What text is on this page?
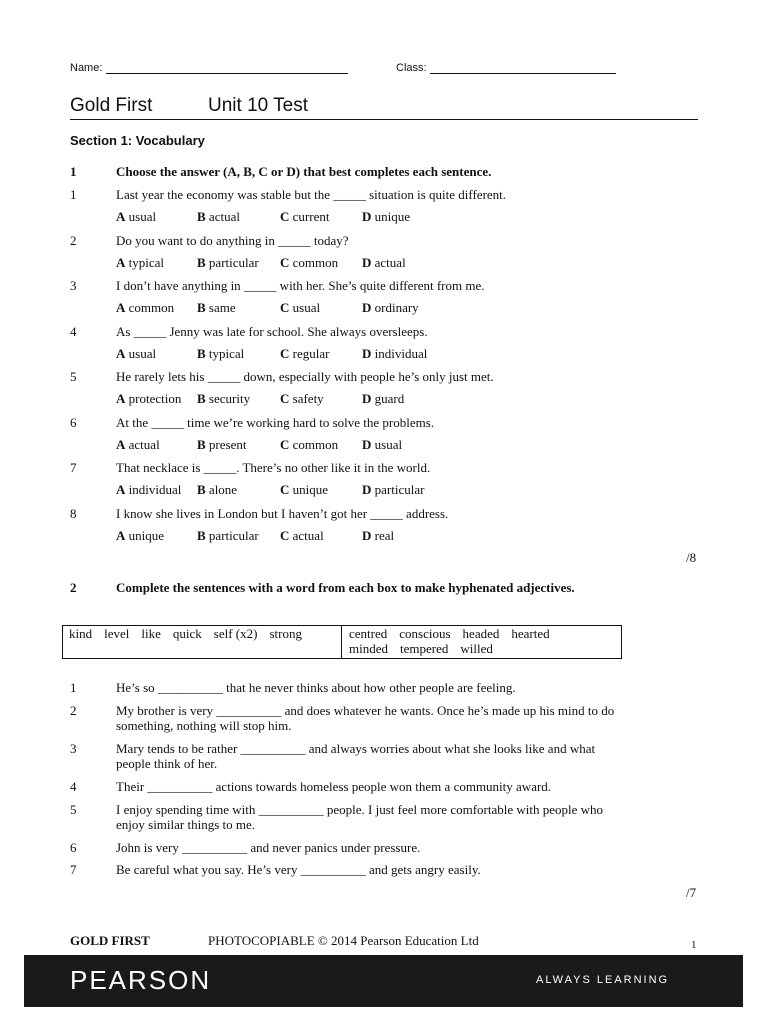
Name:	Class:
Gold First	Unit 10 Test
Section 1: Vocabulary
1	Choose the answer (A, B, C or D) that best completes each sentence.
1	Last year the economy was stable but the _____ situation is quite different.
A usual	B actual	C current	D unique
2	Do you want to do anything in _____ today?
A typical	B particular C common D actual
3	I don’t have anything in _____ with her. She’s quite different from me.
A common B same	C usual	D ordinary
4	As _____ Jenny was late for school. She always oversleeps.
A usual	B typical	C regular	D individual
5	He rarely lets his _____ down, especially with people he’s only just met.
A protection B security C safety	D guard
6	At the _____ time we’re working hard to solve the problems.
A actual	B present	C common D usual
7	That necklace is _____. There’s no other like it in the world.
A individual B alone	C unique	D particular
8	I know she lives in London but I haven’t got her _____ address.
A unique	B particular C actual	D real
/8
2	Complete the sentences with a word from each box to make hyphenated adjectives.
kind level like quick self (x2) strong	centred conscious headed hearted
minded tempered willed
1	He’s so __________ that he never thinks about how other people are feeling.
2	My brother is very __________ and does whatever he wants. Once he’s made up his mind to do
something, nothing will stop him.
3	Mary tends to be rather __________ and always worries about what she looks like and what
people think of her.
4	Their __________ actions towards homeless people won them a community award.
5	I enjoy spending time with __________ people. I just feel more comfortable with people who
enjoy similar things to me.
6	John is very __________ and never panics under pressure.
7	Be careful what you say. He’s very __________ and gets angry easily.
/7
GOLD FIRST	PHOTOCOPIABLE © 2014 Pearson Education Ltd	1
PEARSON	ALWAYS LEARNING
